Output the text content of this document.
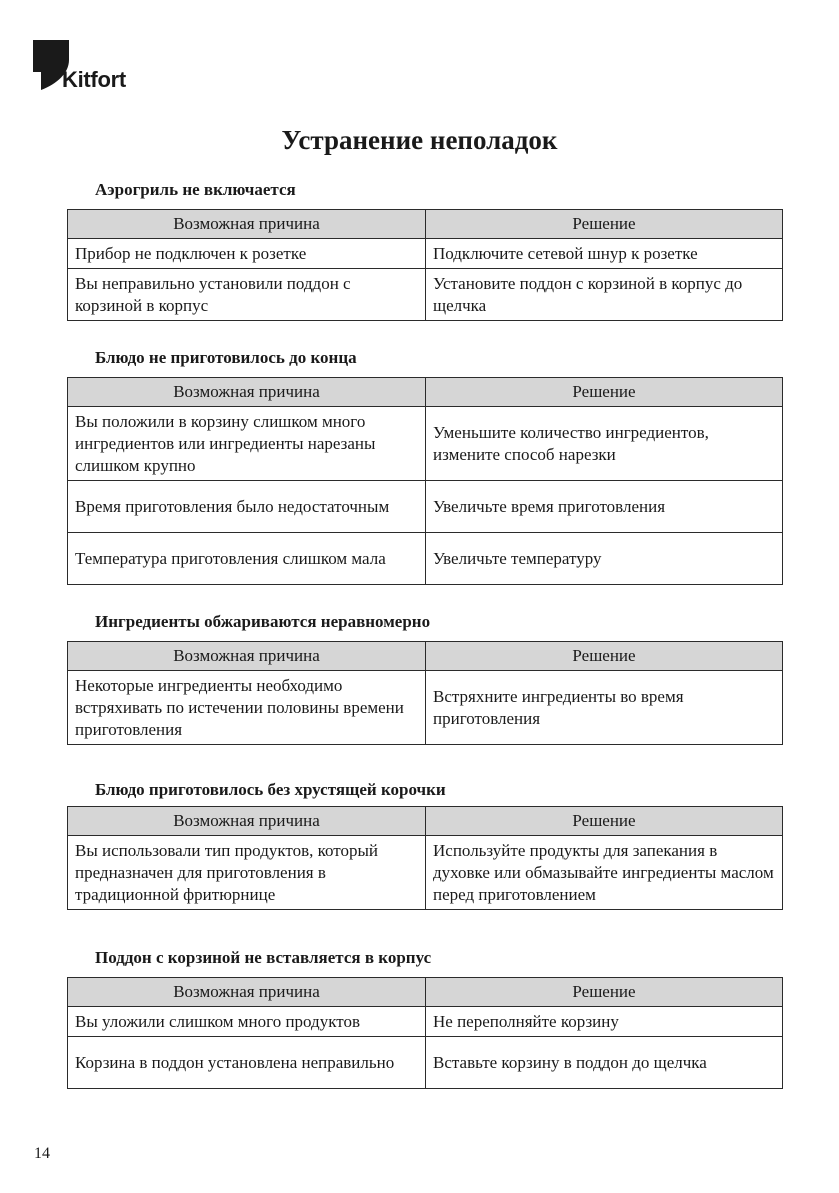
Kitfort
Устранение неполадок
Аэрогриль не включается
Возможная причина	Решение
Прибор не подключен к розетке	Подключите сетевой шнур к розетке
Вы неправильно установили поддон с корзиной в корпус	Установите поддон с корзиной в корпус до щелчка
Блюдо не приготовилось до конца
Возможная причина	Решение
Вы положили в корзину слишком много ингредиентов или ингредиенты нарезаны слишком крупно	Уменьшите количество ингредиентов, измените способ нарезки
Время приготовления было недостаточным	Увеличьте время приготовления
Температура приготовления слишком мала	Увеличьте температуру
Ингредиенты обжариваются неравномерно
Возможная причина	Решение
Некоторые ингредиенты необходимо встряхивать по истечении половины времени приготовления	Встряхните ингредиенты во время приготовления
Блюдо приготовилось без хрустящей корочки
Возможная причина	Решение
Вы использовали тип продуктов, который предназначен для приготовления в традиционной фритюрнице	Используйте продукты для запекания в духовке или обмазывайте ингредиенты маслом перед приготовлением
Поддон с корзиной не вставляется в корпус
Возможная причина	Решение
Вы уложили слишком много продуктов	Не переполняйте корзину
Корзина в поддон установлена неправильно	Вставьте корзину в поддон до щелчка
14
